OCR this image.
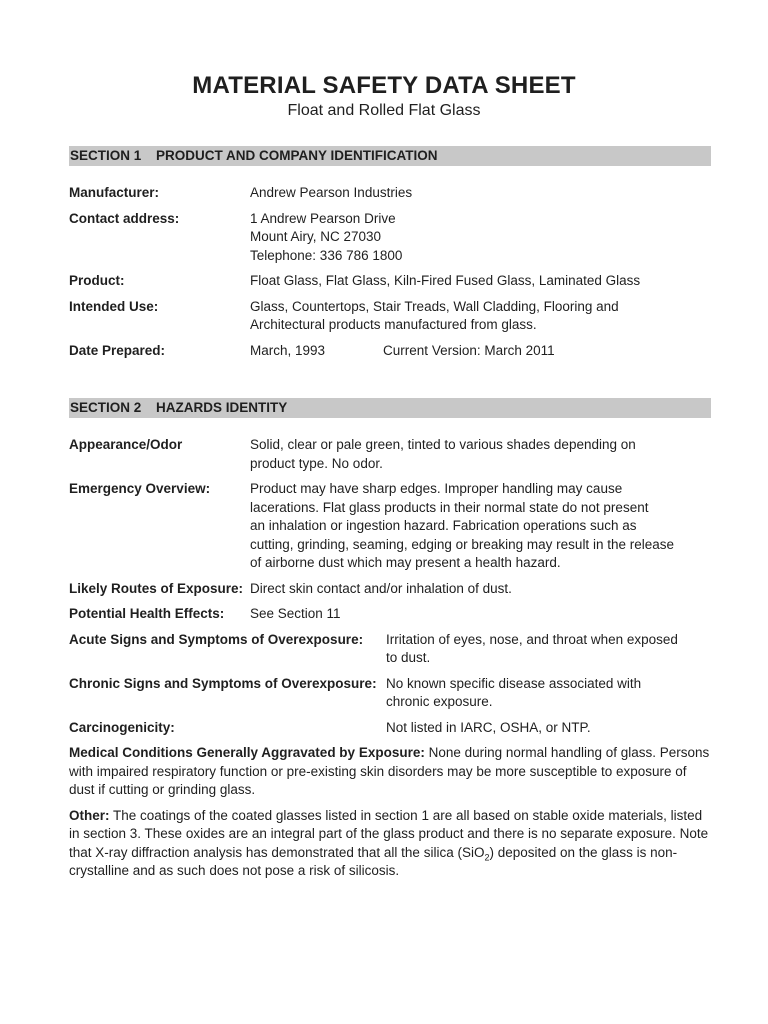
MATERIAL SAFETY DATA SHEET

Float and Rolled Flat Glass

SECTION 1 PRODUCT AND COMPANY IDENTIFICATION
Manufacturer:	Andrew Pearson Industries
Contact address:	1 Andrew Pearson Drive
Mount Airy, NC 27030
Telephone: 336 786 1800
Product:	Float Glass, Flat Glass, Kiln-Fired Fused Glass, Laminated Glass
Intended Use:	Glass, Countertops, Stair Treads, Wall Cladding, Flooring and
Architectural products manufactured from glass.
Date Prepared:	March, 1993	Current Version: March 2011
SECTION 2 HAZARDS IDENTITY
Appearance/Odor	Solid, clear or pale green, tinted to various shades depending on
product type. No odor.
Emergency Overview:	Product may have sharp edges. Improper handling may cause
lacerations. Flat glass products in their normal state do not present
an inhalation or ingestion hazard. Fabrication operations such as
cutting, grinding, seaming, edging or breaking may result in the release
of airborne dust which may present a health hazard.
Likely Routes of Exposure: Direct skin contact and/or inhalation of dust.
Potential Health Effects:	See Section 11
Acute Signs and Symptoms of Overexposure:	Irritation of eyes, nose, and throat when exposed
to dust.
Chronic Signs and Symptoms of Overexposure: No known specific disease associated with
chronic exposure.
Carcinogenicity:	Not listed in IARC, OSHA, or NTP.

Medical Conditions Generally Aggravated by Exposure: None during normal handling of glass. Persons with impaired respiratory function or pre-existing skin disorders may be more susceptible to exposure of dust if cutting or grinding glass.

Other: The coatings of the coated glasses listed in section 1 are all based on stable oxide materials, listed in section 3. These oxides are an integral part of the glass product and there is no separate exposure. Note that X-ray diffraction analysis has demonstrated that all the silica (SiO$_2$) deposited on the glass is non-crystalline and as such does not pose a risk of silicosis.
